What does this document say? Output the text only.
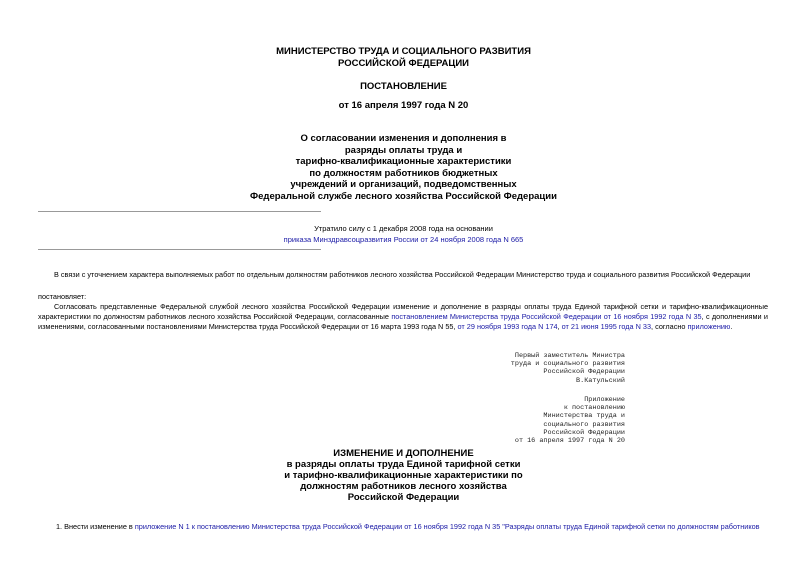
МИНИСТЕРСТВО ТРУДА И СОЦИАЛЬНОГО РАЗВИТИЯ
РОССИЙСКОЙ ФЕДЕРАЦИИ
ПОСТАНОВЛЕНИЕ
от 16 апреля 1997 года N 20
О согласовании изменения и дополнения в
разряды оплаты труда и
тарифно-квалификационные характеристики
по должностям работников бюджетных
учреждений и организаций, подведомственных
Федеральной службе лесного хозяйства Российской Федерации
Утратило силу с 1 декабря 2008 года на основании
приказа Минздравсоцразвития России от 24 ноября 2008 года N 665
В связи с уточнением характера выполняемых работ по отдельным должностям работников лесного хозяйства Российской Федерации Министерство труда и социального развития Российской Федерации
постановляет:
Согласовать представленные Федеральной службой лесного хозяйства Российской Федерации изменение и дополнение в разряды оплаты труда Единой тарифной сетки и тарифно-квалификационные характеристики по должностям работников лесного хозяйства Российской Федерации, согласованные постановлением Министерства труда Российской Федерации от 16 ноября 1992 года N 35, с дополнениями и изменениями, согласованными постановлениями Министерства труда Российской Федерации от 16 марта 1993 года N 55, от 29 ноября 1993 года N 174, от 21 июня 1995 года N 33, согласно приложению.
Первый заместитель Министра
труда и социального развития
Российской Федерации
В.Катульский
Приложение
к постановлению
Министерства труда и
социального развития
Российской Федерации
от 16 апреля 1997 года N 20
ИЗМЕНЕНИЕ И ДОПОЛНЕНИЕ
в разряды оплаты труда Единой тарифной сетки
и тарифно-квалификационные характеристики по
должностям работников лесного хозяйства
Российской Федерации
1. Внести изменение в приложение N 1 к постановлению Министерства труда Российской Федерации от 16 ноября 1992 года N 35 "Разряды оплаты труда Единой тарифной сетки по должностям работников
